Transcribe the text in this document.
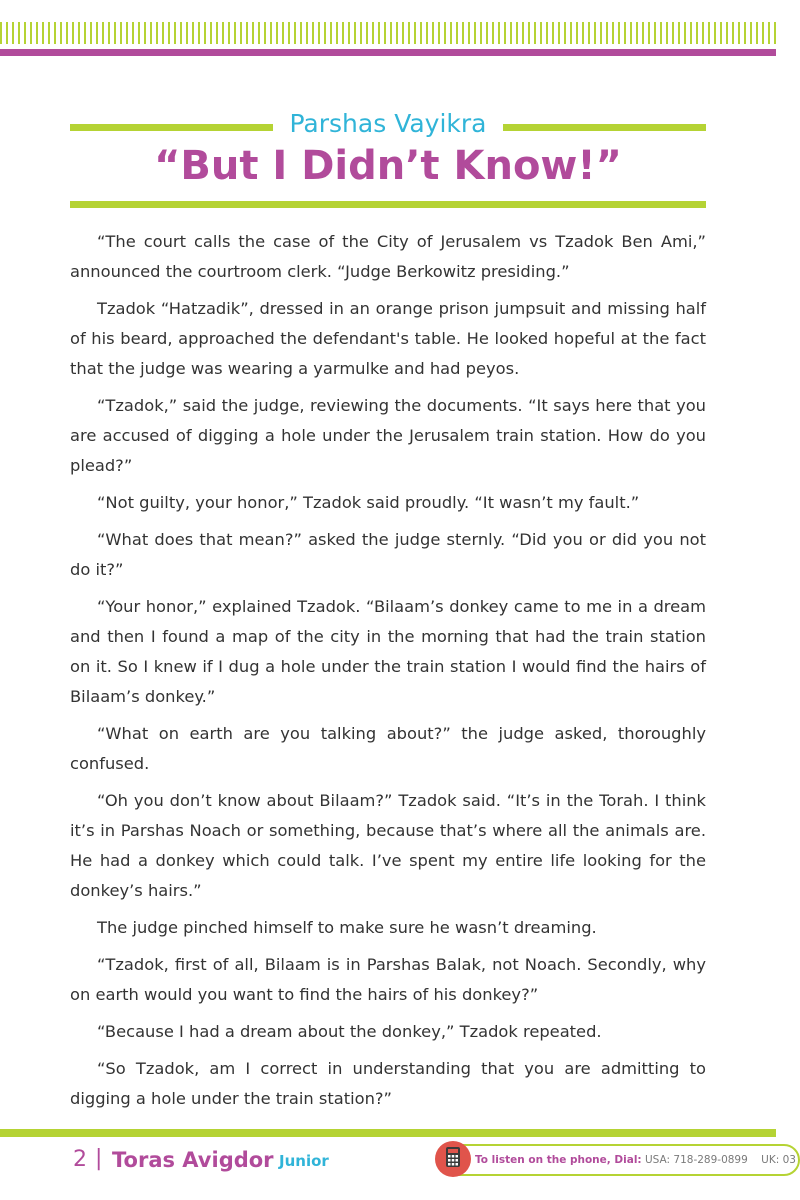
Parshas Vayikra
“But I Didn’t Know!”

“The court calls the case of the City of Jerusalem vs Tzadok Ben Ami,” announced the courtroom clerk. “Judge Berkowitz presiding.”

Tzadok “Hatzadik”, dressed in an orange prison jumpsuit and missing half of his beard, approached the defendant's table. He looked hopeful at the fact that the judge was wearing a yarmulke and had peyos.

“Tzadok,” said the judge, reviewing the documents. “It says here that you are accused of digging a hole under the Jerusalem train station. How do you plead?”

“Not guilty, your honor,” Tzadok said proudly. “It wasn’t my fault.”

“What does that mean?” asked the judge sternly. “Did you or did you not do it?”

“Your honor,” explained Tzadok. “Bilaam’s donkey came to me in a dream and then I found a map of the city in the morning that had the train station on it. So I knew if I dug a hole under the train station I would find the hairs of Bilaam’s donkey.”

“What on earth are you talking about?” the judge asked, thoroughly confused.

“Oh you don’t know about Bilaam?” Tzadok said. “It’s in the Torah. I think it’s in Parshas Noach or something, because that’s where all the animals are. He had a donkey which could talk. I’ve spent my entire life looking for the donkey’s hairs.”

The judge pinched himself to make sure he wasn’t dreaming.

“Tzadok, first of all, Bilaam is in Parshas Balak, not Noach. Secondly, why on earth would you want to find the hairs of his donkey?”

“Because I had a dream about the donkey,” Tzadok repeated.

“So Tzadok, am I correct in understanding that you are admitting to digging a hole under the train station?”

2 | Toras Avigdor Junior	To listen on the phone, Dial: USA: 718-289-0899 UK: 03
